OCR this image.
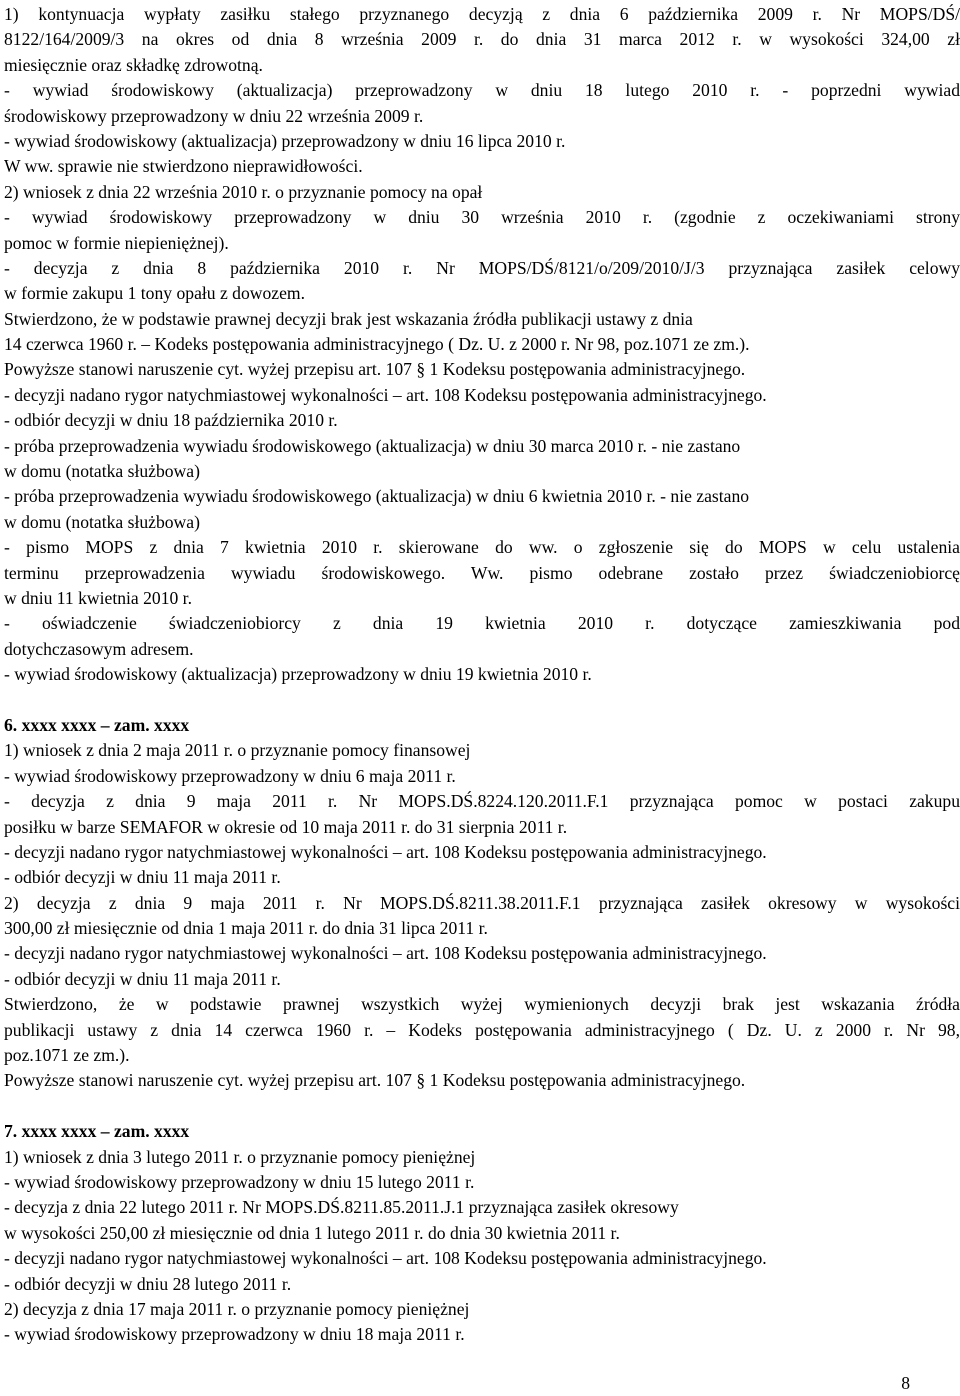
1) kontynuacja wypłaty zasiłku stałego przyznanego decyzją z dnia 6 października 2009 r. Nr MOPS/DŚ/
8122/164/2009/3 na okres od dnia 8 września 2009 r. do dnia 31 marca 2012 r. w wysokości 324,00 zł
miesięcznie oraz składkę zdrowotną.
- wywiad środowiskowy (aktualizacja) przeprowadzony w dniu 18 lutego 2010 r. - poprzedni wywiad
środowiskowy przeprowadzony w dniu 22 września 2009 r.
- wywiad środowiskowy (aktualizacja) przeprowadzony w dniu 16 lipca 2010 r.
W ww. sprawie nie stwierdzono nieprawidłowości.
2) wniosek z dnia 22 września 2010 r. o przyznanie pomocy na opał
- wywiad środowiskowy przeprowadzony w dniu 30 września 2010 r. (zgodnie z oczekiwaniami strony
pomoc w formie niepieniężnej).
- decyzja z dnia 8 października 2010 r. Nr MOPS/DŚ/8121/o/209/2010/J/3 przyznająca zasiłek celowy
w formie zakupu 1 tony opału z dowozem.
Stwierdzono, że w podstawie prawnej decyzji brak jest wskazania źródła publikacji ustawy z dnia
14 czerwca 1960 r. – Kodeks postępowania administracyjnego ( Dz. U. z 2000 r. Nr 98, poz.1071 ze zm.).
Powyższe stanowi naruszenie cyt. wyżej przepisu art. 107 § 1 Kodeksu postępowania administracyjnego.
- decyzji nadano rygor natychmiastowej wykonalności – art. 108 Kodeksu postępowania administracyjnego.
- odbiór decyzji w dniu 18 października 2010 r.
- próba przeprowadzenia wywiadu środowiskowego (aktualizacja) w dniu 30 marca 2010 r. - nie zastano
w domu (notatka służbowa)
- próba przeprowadzenia wywiadu środowiskowego (aktualizacja) w dniu 6 kwietnia 2010 r. - nie zastano
w domu (notatka służbowa)
- pismo MOPS z dnia 7 kwietnia 2010 r. skierowane do ww. o zgłoszenie się do MOPS w celu ustalenia
terminu przeprowadzenia wywiadu środowiskowego. Ww. pismo odebrane zostało przez świadczeniobiorcę
w dniu 11 kwietnia 2010 r.
- oświadczenie świadczeniobiorcy z dnia 19 kwietnia 2010 r. dotyczące zamieszkiwania pod
dotychczasowym adresem.
- wywiad środowiskowy (aktualizacja) przeprowadzony w dniu 19 kwietnia 2010 r.
6. xxxx xxxx – zam. xxxx
1) wniosek z dnia 2 maja 2011 r. o przyznanie pomocy finansowej
- wywiad środowiskowy przeprowadzony w dniu 6 maja 2011 r.
- decyzja z dnia 9 maja 2011 r. Nr MOPS.DŚ.8224.120.2011.F.1 przyznająca pomoc w postaci zakupu
posiłku w barze SEMAFOR w okresie od 10 maja 2011 r. do 31 sierpnia 2011 r.
- decyzji nadano rygor natychmiastowej wykonalności – art. 108 Kodeksu postępowania administracyjnego.
- odbiór decyzji w dniu 11 maja 2011 r.
2) decyzja z dnia 9 maja 2011 r. Nr MOPS.DŚ.8211.38.2011.F.1 przyznająca zasiłek okresowy w wysokości
300,00 zł miesięcznie od dnia 1 maja 2011 r. do dnia 31 lipca 2011 r.
- decyzji nadano rygor natychmiastowej wykonalności – art. 108 Kodeksu postępowania administracyjnego.
- odbiór decyzji w dniu 11 maja 2011 r.
Stwierdzono, że w podstawie prawnej wszystkich wyżej wymienionych decyzji brak jest wskazania źródła
publikacji ustawy z dnia 14 czerwca 1960 r. – Kodeks postępowania administracyjnego ( Dz. U. z 2000 r. Nr 98,
poz.1071 ze zm.).
Powyższe stanowi naruszenie cyt. wyżej przepisu art. 107 § 1 Kodeksu postępowania administracyjnego.
7. xxxx xxxx – zam. xxxx
1) wniosek z dnia 3 lutego 2011 r. o przyznanie pomocy pieniężnej
- wywiad środowiskowy przeprowadzony w dniu 15 lutego 2011 r.
- decyzja z dnia 22 lutego 2011 r. Nr MOPS.DŚ.8211.85.2011.J.1 przyznająca zasiłek okresowy
w wysokości 250,00 zł miesięcznie od dnia 1 lutego 2011 r. do dnia 30 kwietnia 2011 r.
- decyzji nadano rygor natychmiastowej wykonalności – art. 108 Kodeksu postępowania administracyjnego.
- odbiór decyzji w dniu 28 lutego 2011 r.
2) decyzja z dnia 17 maja 2011 r. o przyznanie pomocy pieniężnej
- wywiad środowiskowy przeprowadzony w dniu 18 maja 2011 r.
8
